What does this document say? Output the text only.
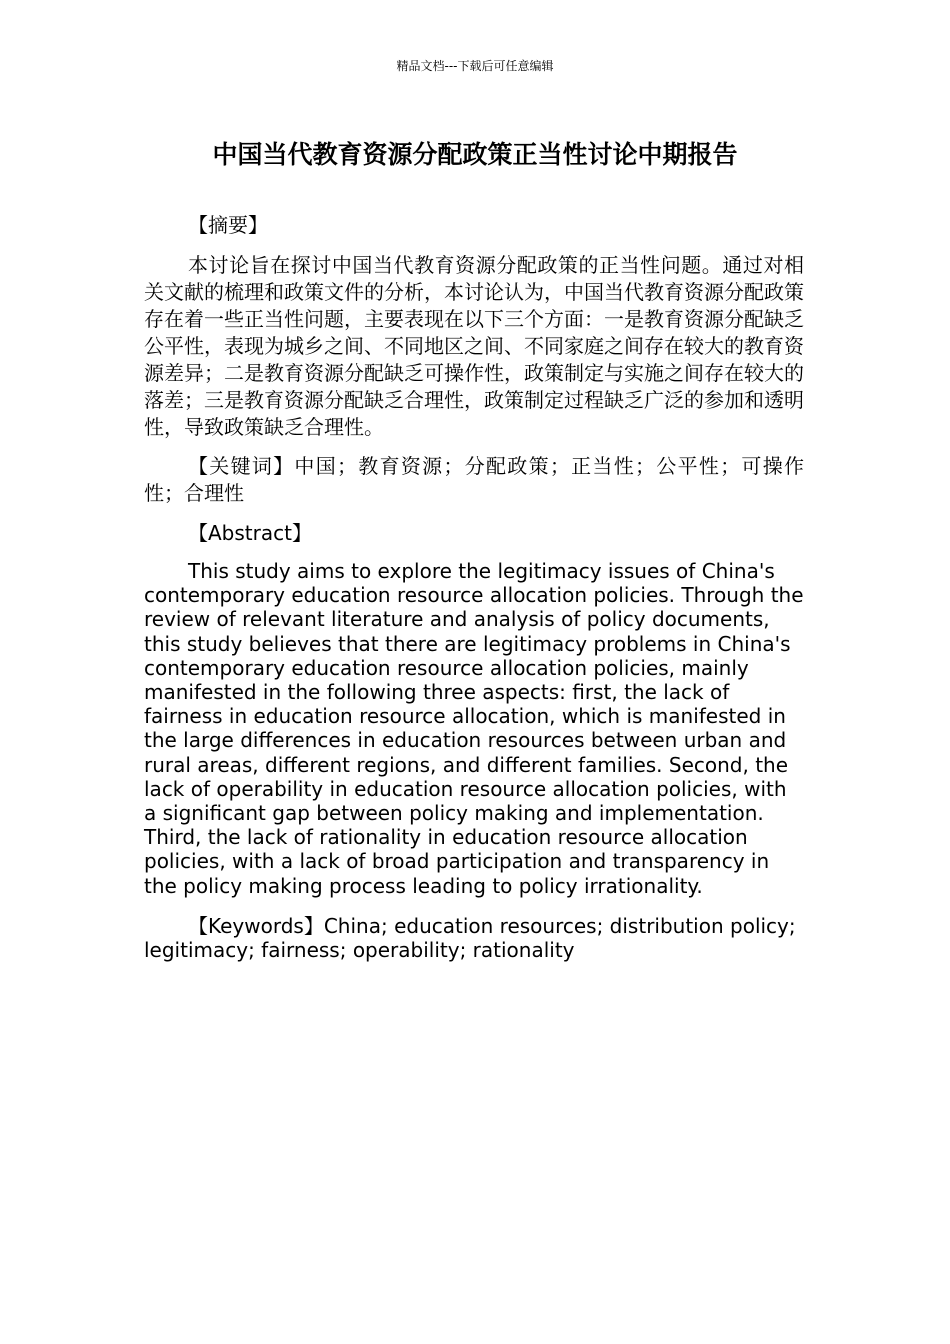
精品文档---下载后可任意编辑
中国当代教育资源分配政策正当性讨论中期报告

【摘要】

本讨论旨在探讨中国当代教育资源分配政策的正当性问题。通过对相关文献的梳理和政策文件的分析，本讨论认为，中国当代教育资源分配政策存在着一些正当性问题，主要表现在以下三个方面：一是教育资源分配缺乏公平性，表现为城乡之间、不同地区之间、不同家庭之间存在较大的教育资源差异；二是教育资源分配缺乏可操作性，政策制定与实施之间存在较大的落差；三是教育资源分配缺乏合理性，政策制定过程缺乏广泛的参加和透明性，导致政策缺乏合理性。

【关键词】中国；教育资源；分配政策；正当性；公平性；可操作性；合理性

【Abstract】

This study aims to explore the legitimacy issues of China's contemporary education resource allocation policies. Through the review of relevant literature and analysis of policy documents, this study believes that there are legitimacy problems in China's contemporary education resource allocation policies, mainly manifested in the following three aspects: first, the lack of fairness in education resource allocation, which is manifested in the large differences in education resources between urban and rural areas, different regions, and different families. Second, the lack of operability in education resource allocation policies, with a significant gap between policy making and implementation. Third, the lack of rationality in education resource allocation policies, with a lack of broad participation and transparency in the policy making process leading to policy irrationality.

【Keywords】China; education resources; distribution policy; legitimacy; fairness; operability; rationality
